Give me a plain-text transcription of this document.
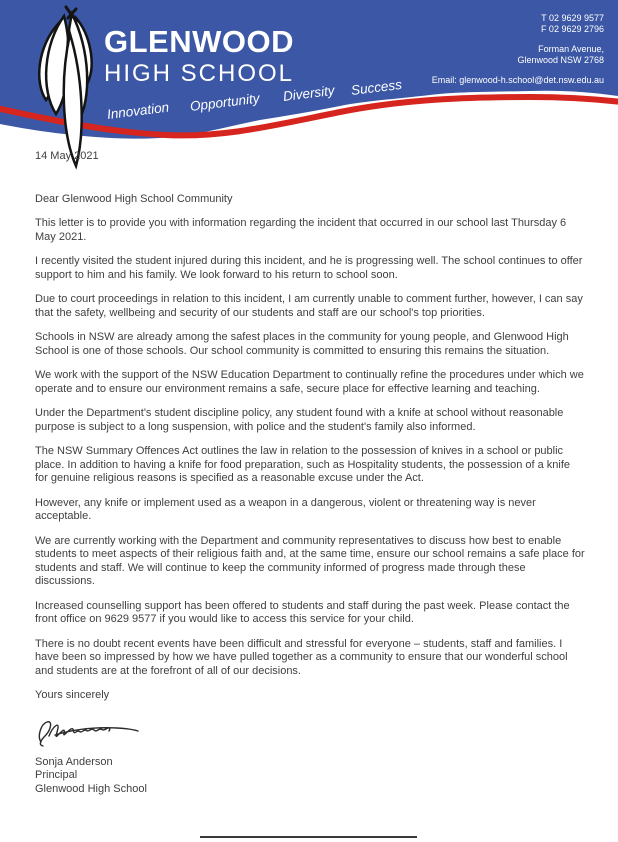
GLENWOOD
HIGH SCHOOL
T 02 9629 9577
F 02 9629 2796
Forman Avenue,
Glenwood NSW 2768
Email: glenwood-h.school@det.nsw.edu.au
Innovation Opportunity Diversity Success

14 May 2021

Dear Glenwood High School Community

This letter is to provide you with information regarding the incident that occurred in our school last Thursday 6 May 2021.

I recently visited the student injured during this incident, and he is progressing well. The school continues to offer support to him and his family. We look forward to his return to school soon.

Due to court proceedings in relation to this incident, I am currently unable to comment further, however, I can say that the safety, wellbeing and security of our students and staff are our school's top priorities.

Schools in NSW are already among the safest places in the community for young people, and Glenwood High School is one of those schools. Our school community is committed to ensuring this remains the situation.

We work with the support of the NSW Education Department to continually refine the procedures under which we operate and to ensure our environment remains a safe, secure place for effective learning and teaching.

Under the Department's student discipline policy, any student found with a knife at school without reasonable purpose is subject to a long suspension, with police and the student's family also informed.

The NSW Summary Offences Act outlines the law in relation to the possession of knives in a school or public place. In addition to having a knife for food preparation, such as Hospitality students, the possession of a knife for genuine religious reasons is specified as a reasonable excuse under the Act.

However, any knife or implement used as a weapon in a dangerous, violent or threatening way is never acceptable.

We are currently working with the Department and community representatives to discuss how best to enable students to meet aspects of their religious faith and, at the same time, ensure our school remains a safe place for students and staff. We will continue to keep the community informed of progress made through these discussions.

Increased counselling support has been offered to students and staff during the past week. Please contact the front office on 9629 9577 if you would like to access this service for your child.

There is no doubt recent events have been difficult and stressful for everyone – students, staff and families. I have been so impressed by how we have pulled together as a community to ensure that our wonderful school and students are at the forefront of all of our decisions.

Yours sincerely

Sonja Anderson
Principal
Glenwood High School
